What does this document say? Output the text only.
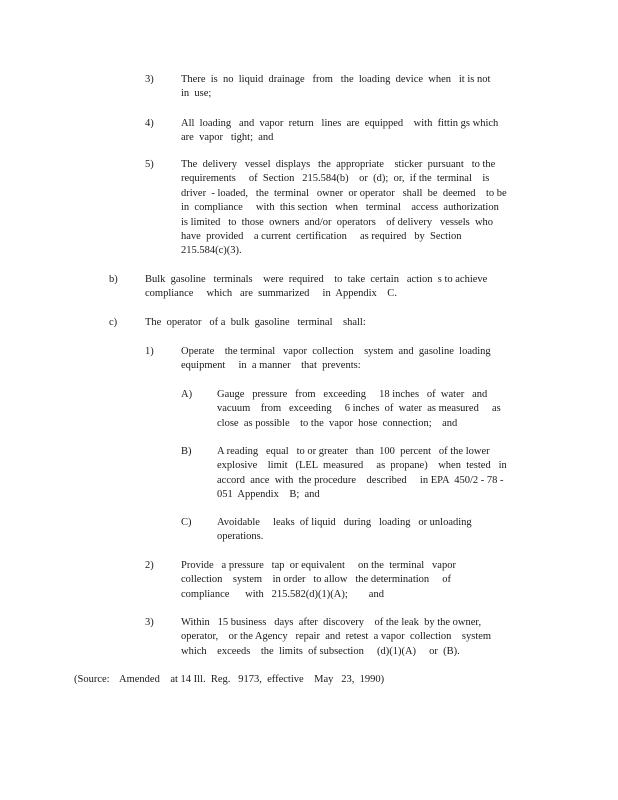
3)	There  is  no  liquid  drainage   from   the  loading  device  when   it is not
in  use;
4)	All  loading   and  vapor  return   lines  are  equipped    with  fittin gs which
are  vapor   tight;  and
5)	The  delivery   vessel  displays   the  appropriate    sticker  pursuant   to the
requirements     of  Section   215.584(b)    or  (d);  or,  if the  terminal    is
driver  - loaded,   the  terminal   owner  or operator   shall  be  deemed    to be
in  compliance     with  this section   when   terminal    access  authorization
is limited   to  those  owners  and/or  operators    of delivery   vessels  who
have  provided    a current  certification     as required   by  Section
215.584(c)(3).
b)	Bulk  gasoline   terminals    were  required    to  take  certain   action  s to achieve
compliance     which   are  summarized     in  Appendix    C.
c)	The  operator   of a  bulk  gasoline   terminal    shall:
1)	Operate    the terminal   vapor  collection    system  and  gasoline  loading
equipment     in  a manner    that  prevents:
A) Gauge   pressure   from   exceeding     18 inches   of  water   and
vacuum    from   exceeding     6 inches  of  water  as measured     as
close  as possible    to the  vapor  hose  connection;    and
B) A reading   equal   to or greater   than  100  percent   of the lower
explosive    limit   (LEL  measured     as  propane)    when  tested   in
accord  ance  with  the procedure    described     in EPA  450/2 - 78 -
051  Appendix    B;  and
C) Avoidable     leaks  of liquid   during   loading   or unloading
operations.
2)	Provide   a pressure   tap  or equivalent     on the  terminal   vapor
collection    system    in order   to allow   the determination     of
compliance      with   215.582(d)(1)(A);        and
3)	Within   15 business   days  after  discovery    of the leak  by the owner,
operator,    or the Agency   repair  and  retest  a vapor  collection    system
which    exceeds    the  limits  of subsection     (d)(1)(A)     or  (B).
(Source: Amended    at 14 Ill.  Reg.   9173,  effective    May   23,  1990)
